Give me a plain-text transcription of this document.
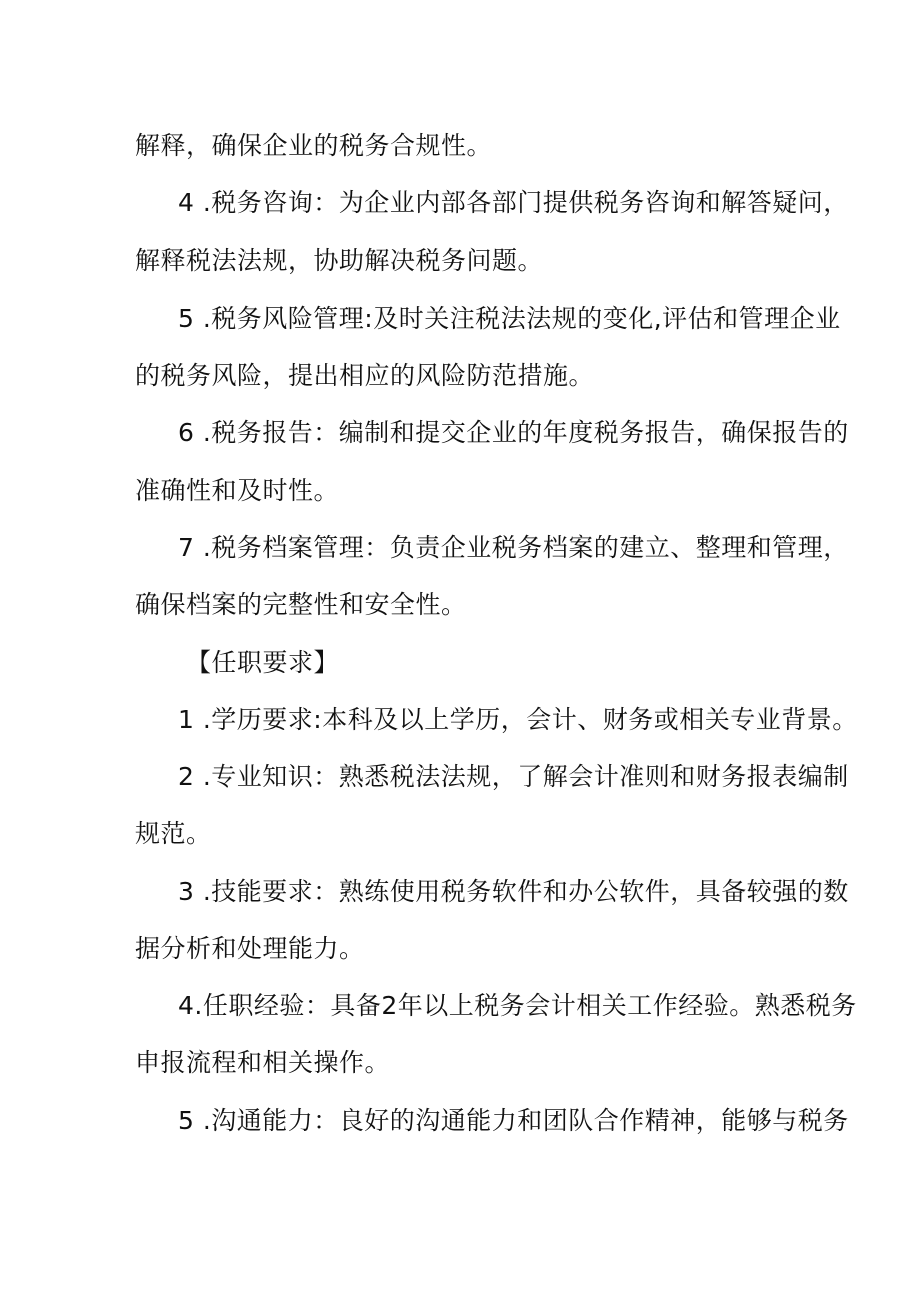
解释，确保企业的税务合规性。
4 .税务咨询：为企业内部各部门提供税务咨询和解答疑问，
解释税法法规，协助解决税务问题。
5 .税务风险管理:及时关注税法法规的变化,评估和管理企业
的税务风险，提出相应的风险防范措施。
6 .税务报告：编制和提交企业的年度税务报告，确保报告的
准确性和及时性。
7 .税务档案管理：负责企业税务档案的建立、整理和管理，
确保档案的完整性和安全性。
【任职要求】
1 .学历要求:本科及以上学历，会计、财务或相关专业背景。
2 .专业知识：熟悉税法法规，了解会计准则和财务报表编制
规范。
3 .技能要求：熟练使用税务软件和办公软件，具备较强的数
据分析和处理能力。
4.任职经验：具备2年以上税务会计相关工作经验。熟悉税务
申报流程和相关操作。
5 .沟通能力：良好的沟通能力和团队合作精神，能够与税务
